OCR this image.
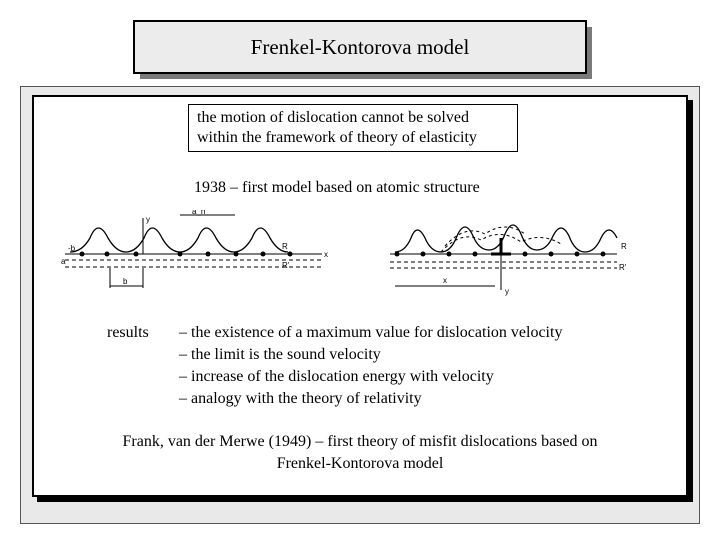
Frenkel-Kontorova model
the motion of dislocation cannot be solved
within the framework of theory of elasticity
1938 – first model based on atomic structure
a
-b
y
a_h
b
R
R'
x
R
R'
x
y
results – the existence of a maximum value for dislocation velocity
– the limit is the sound velocity
– increase of the dislocation energy with velocity
– analogy with the theory of relativity
Frank, van der Merwe (1949) – first theory of misfit dislocations based on
Frenkel-Kontorova model
